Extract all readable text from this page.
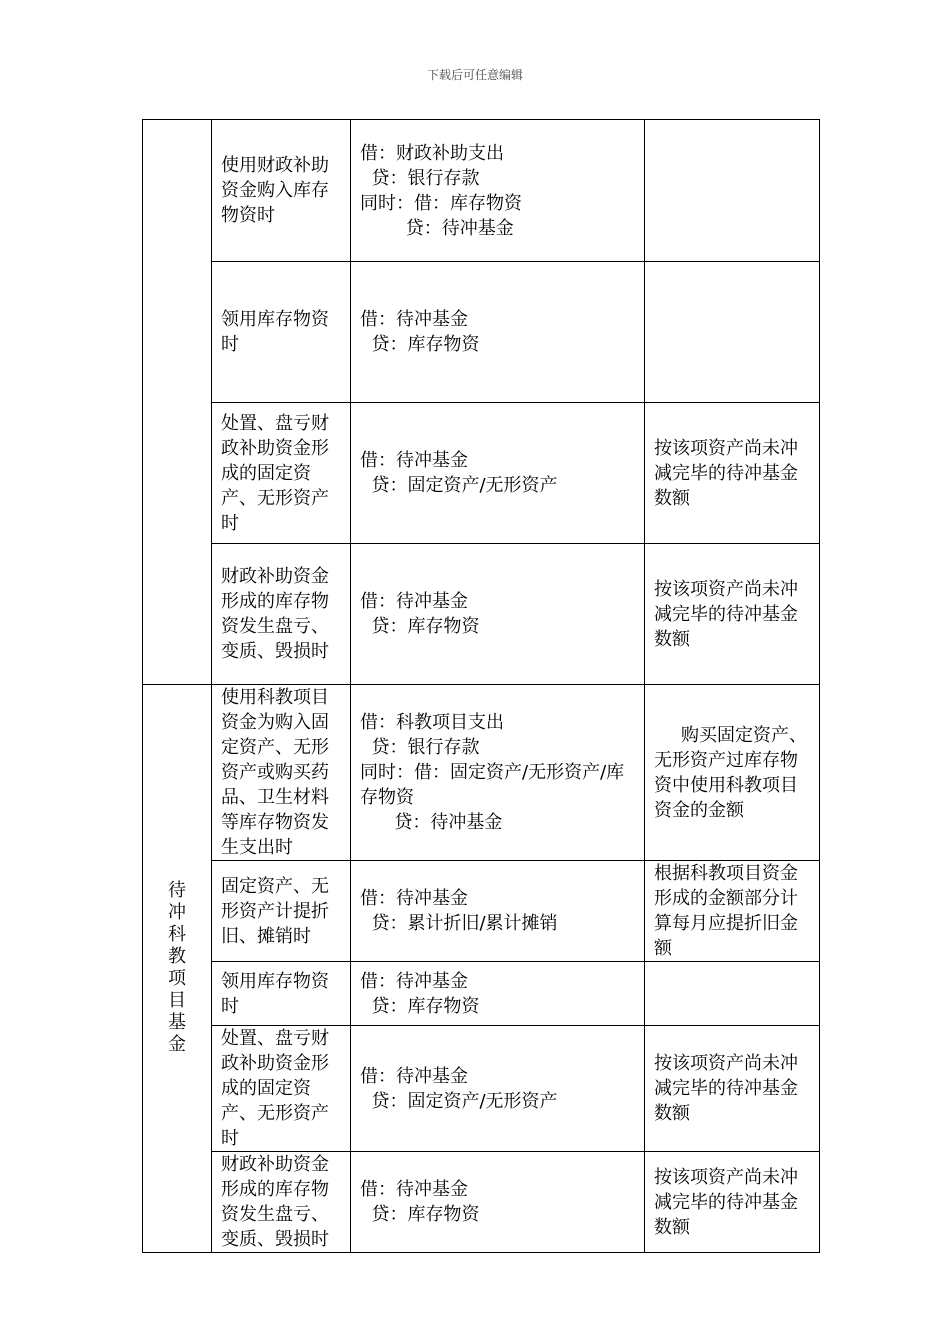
下载后可任意编辑
	使用财政补助资金购入库存物资时	借：财政补助支出
贷：银行存款
同时：借：库存物资
贷：待冲基金	

	领用库存物资时	借：待冲基金
贷：库存物资	

	处置、盘亏财政补助资金形成的固定资产、无形资产时	借：待冲基金
贷：固定资产/无形资产	按该项资产尚未冲减完毕的待冲基金数额

	财政补助资金形成的库存物资发生盘亏、变质、毁损时	借：待冲基金
贷：库存物资	按该项资产尚未冲减完毕的待冲基金数额

待冲科教项目基金	使用科教项目资金为购入固定资产、无形资产或购买药品、卫生材料等库存物资发生支出时	借：科教项目支出
贷：银行存款
同时：借：固定资产/无形资产/库存物资
贷：待冲基金	购买固定资产、无形资产过库存物资中使用科教项目资金的金额

	固定资产、无形资产计提折旧、摊销时	借：待冲基金
贷：累计折旧/累计摊销	根据科教项目资金形成的金额部分计算每月应提折旧金额

	领用库存物资时	借：待冲基金
贷：库存物资	

	处置、盘亏财政补助资金形成的固定资产、无形资产时	借：待冲基金
贷：固定资产/无形资产	按该项资产尚未冲减完毕的待冲基金数额

	财政补助资金形成的库存物资发生盘亏、变质、毁损时	借：待冲基金
贷：库存物资	按该项资产尚未冲减完毕的待冲基金数额
